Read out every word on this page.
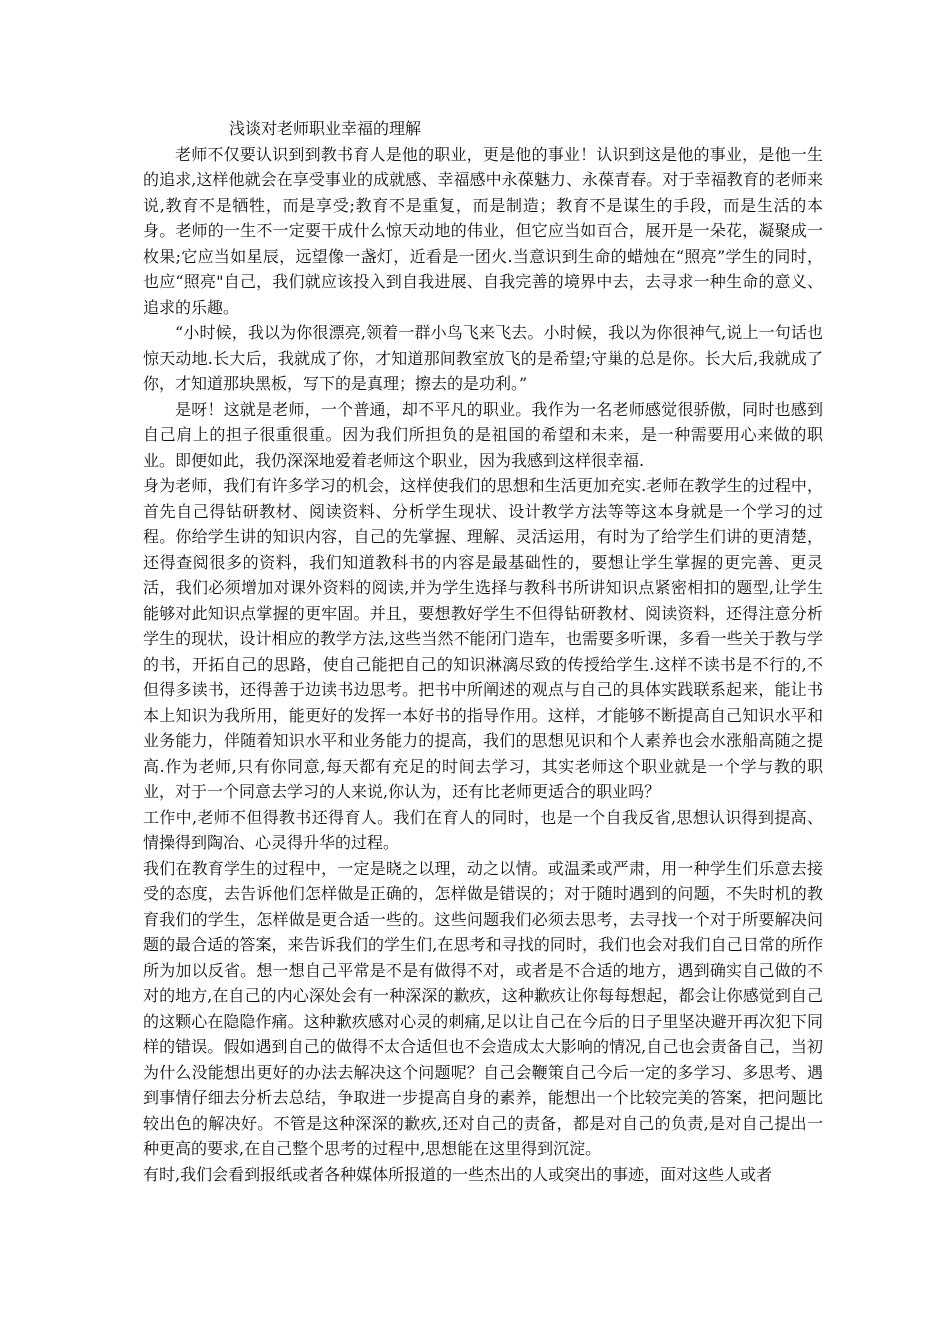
浅谈对老师职业幸福的理解

老师不仅要认识到到教书育人是他的职业，更是他的事业！认识到这是他的事业，是他一生的追求,这样他就会在享受事业的成就感、幸福感中永葆魅力、永葆青春。对于幸福教育的老师来说,教育不是牺牲，而是享受;教育不是重复，而是制造；教育不是谋生的手段，而是生活的本身。老师的一生不一定要干成什么惊天动地的伟业，但它应当如百合，展开是一朵花，凝聚成一枚果;它应当如星辰，远望像一盏灯，近看是一团火.当意识到生命的蜡烛在“照亮”学生的同时，也应“照亮"自己，我们就应该投入到自我进展、自我完善的境界中去，去寻求一种生命的意义、追求的乐趣。

“小时候，我以为你很漂亮,领着一群小鸟飞来飞去。小时候，我以为你很神气,说上一句话也惊天动地.长大后，我就成了你，才知道那间教室放飞的是希望;守巢的总是你。长大后,我就成了你，才知道那块黑板，写下的是真理；擦去的是功利。”

是呀！这就是老师，一个普通，却不平凡的职业。我作为一名老师感觉很骄傲，同时也感到自己肩上的担子很重很重。因为我们所担负的是祖国的希望和未来，是一种需要用心来做的职业。即便如此，我仍深深地爱着老师这个职业，因为我感到这样很幸福.

身为老师，我们有许多学习的机会，这样使我们的思想和生活更加充实.老师在教学生的过程中，首先自己得钻研教材、阅读资料、分析学生现状、设计教学方法等等这本身就是一个学习的过程。你给学生讲的知识内容，自己的先掌握、理解、灵活运用，有时为了给学生们讲的更清楚，还得查阅很多的资料，我们知道教科书的内容是最基础性的，要想让学生掌握的更完善、更灵活，我们必须增加对课外资料的阅读,并为学生选择与教科书所讲知识点紧密相扣的题型,让学生能够对此知识点掌握的更牢固。并且，要想教好学生不但得钻研教材、阅读资料，还得注意分析学生的现状，设计相应的教学方法,这些当然不能闭门造车，也需要多听课，多看一些关于教与学的书，开拓自己的思路，使自己能把自己的知识淋漓尽致的传授给学生.这样不读书是不行的,不但得多读书，还得善于边读书边思考。把书中所阐述的观点与自己的具体实践联系起来，能让书本上知识为我所用，能更好的发挥一本好书的指导作用。这样，才能够不断提高自己知识水平和业务能力，伴随着知识水平和业务能力的提高，我们的思想见识和个人素养也会水涨船高随之提高.作为老师,只有你同意,每天都有充足的时间去学习，其实老师这个职业就是一个学与教的职业，对于一个同意去学习的人来说,你认为，还有比老师更适合的职业吗？

工作中,老师不但得教书还得育人。我们在育人的同时，也是一个自我反省,思想认识得到提高、情操得到陶冶、心灵得升华的过程。

我们在教育学生的过程中，一定是晓之以理，动之以情。或温柔或严肃，用一种学生们乐意去接受的态度，去告诉他们怎样做是正确的，怎样做是错误的；对于随时遇到的问题，不失时机的教育我们的学生，怎样做是更合适一些的。这些问题我们必须去思考，去寻找一个对于所要解决问题的最合适的答案，来告诉我们的学生们,在思考和寻找的同时，我们也会对我们自己日常的所作所为加以反省。想一想自己平常是不是有做得不对，或者是不合适的地方，遇到确实自己做的不对的地方,在自己的内心深处会有一种深深的歉疚，这种歉疚让你每每想起，都会让你感觉到自己的这颗心在隐隐作痛。这种歉疚感对心灵的刺痛,足以让自己在今后的日子里坚决避开再次犯下同样的错误。假如遇到自己的做得不太合适但也不会造成太大影响的情况,自己也会责备自己，当初为什么没能想出更好的办法去解决这个问题呢？自己会鞭策自己今后一定的多学习、多思考、遇到事情仔细去分析去总结，争取进一步提高自身的素养，能想出一个比较完美的答案，把问题比较出色的解决好。不管是这种深深的歉疚,还对自己的责备，都是对自己的负责,是对自己提出一种更高的要求,在自己整个思考的过程中,思想能在这里得到沉淀。

有时,我们会看到报纸或者各种媒体所报道的一些杰出的人或突出的事迹，面对这些人或者
